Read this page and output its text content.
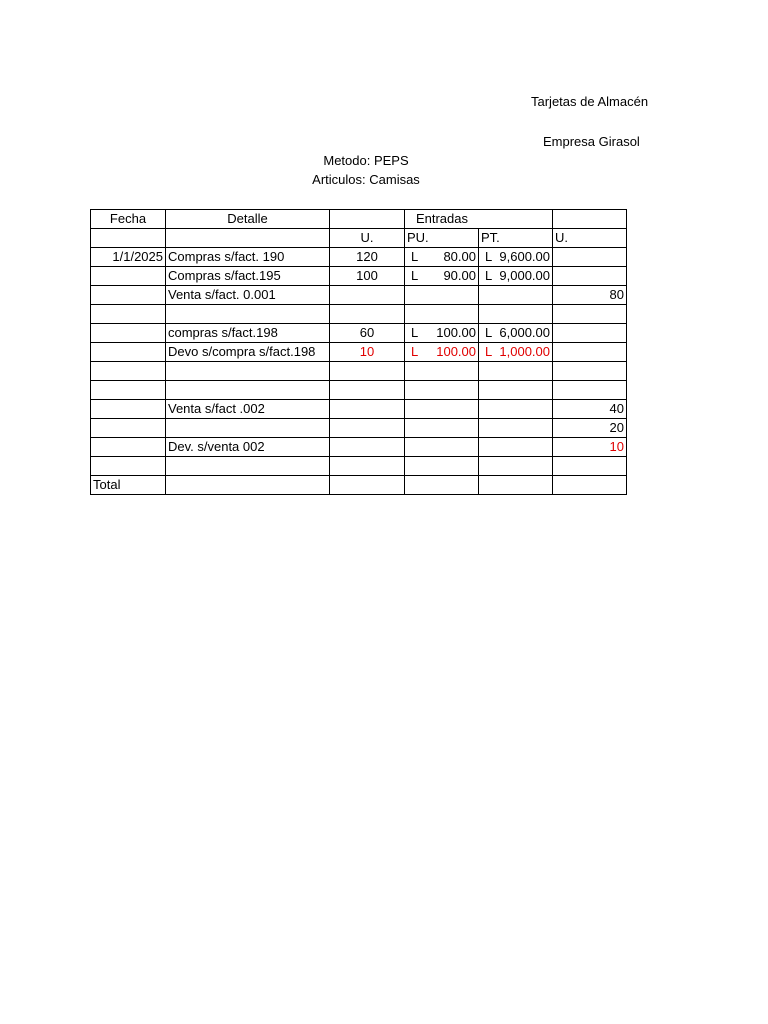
Tarjetas de Almacén
Empresa Girasol
Metodo: PEPS
Articulos: Camisas
Fecha	Detalle		Entradas		

		U.	PU.	PT.	U.
1/1/2025	Compras s/fact. 190	120	L 80.00	L 9,600.00	

	Compras s/fact.195	100	L 90.00	L 9,000.00	

	Venta s/fact. 0.001				80

	compras s/fact.198	60	L 100.00	L 6,000.00	

	Devo s/compra s/fact.198	10	L 100.00	L 1,000.00	

	Venta s/fact .002				40
					20
	Dev. s/venta 002				10

Total					
